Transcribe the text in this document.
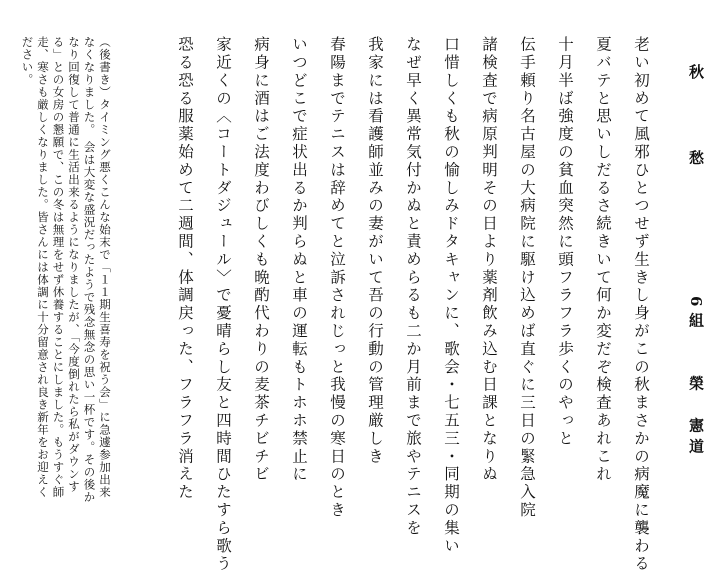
秋　愁
6組　　榮　憲道

老い初めて風邪ひとつせず生きし身がこの秋まさかの病魔に襲わる

夏バテと思いしだるさ続きいて何か変だぞ検査あれこれ

十月半ば強度の貧血突然に頭フラフラ歩くのやっと

伝手頼り名古屋の大病院に駆け込めば直ぐに三日の緊急入院

諸検査で病原判明その日より薬剤飲み込む日課となりぬ

口惜しくも秋の愉しみドタキャンに、歌会・七五三・同期の集い

なぜ早く異常気付かぬと責めらるも二か月前まで旅やテニスを

我家には看護師並みの妻がいて吾の行動の管理厳しき

春陽までテニスは辞めてと泣訴されじっと我慢の寒日のとき

いつどこで症状出るか判らぬと車の運転もトホホ禁止に

病身に酒はご法度わびしくも晩酌代わりの麦茶チビチビ

家近くの〈コートダジュール〉で憂晴らし友と四時間ひたすら歌う

恐る恐る服薬始めて二週間、体調戻った、フラフラ消えた

（後書き）タイミング悪くこんな始末で「１１期生喜寿を祝う会」に急遽参加出来なくなりました。 会は大変な盛況だったようで残念無念の思い一杯です。その後かなり回復して普通に生活出来るようになりましたが、「今度倒れたら私がダウンする」との女房の懇願で、この冬は無理をせず休養することにしました。もうすぐ師走、寒さも厳しくなりました。皆さんには体調に十分留意され良き新年をお迎えください。
